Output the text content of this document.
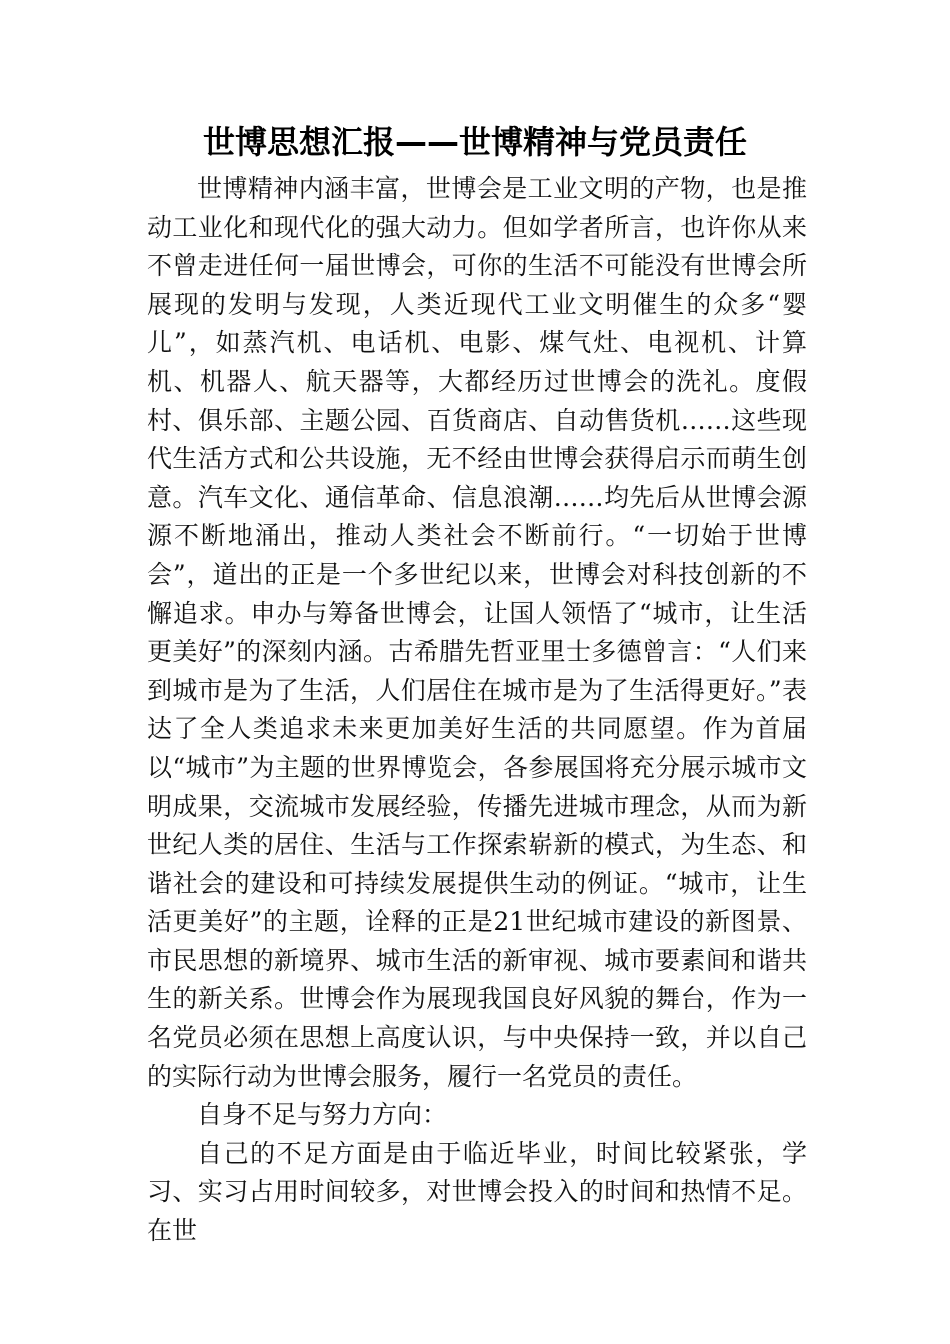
世博思想汇报——世博精神与党员责任

世博精神内涵丰富，世博会是工业文明的产物，也是推动工业化和现代化的强大动力。但如学者所言，也许你从来不曾走进任何一届世博会，可你的生活不可能没有世博会所展现的发明与发现，人类近现代工业文明催生的众多“婴儿”，如蒸汽机、电话机、电影、煤气灶、电视机、计算机、机器人、航天器等，大都经历过世博会的洗礼。度假村、俱乐部、主题公园、百货商店、自动售货机……这些现代生活方式和公共设施，无不经由世博会获得启示而萌生创意。汽车文化、通信革命、信息浪潮……均先后从世博会源源不断地涌出，推动人类社会不断前行。“一切始于世博会”，道出的正是一个多世纪以来，世博会对科技创新的不懈追求。申办与筹备世博会，让国人领悟了“城市，让生活更美好”的深刻内涵。古希腊先哲亚里士多德曾言：“人们来到城市是为了生活，人们居住在城市是为了生活得更好。”表达了全人类追求未来更加美好生活的共同愿望。作为首届以“城市”为主题的世界博览会，各参展国将充分展示城市文明成果，交流城市发展经验，传播先进城市理念，从而为新世纪人类的居住、生活与工作探索崭新的模式，为生态、和谐社会的建设和可持续发展提供生动的例证。“城市，让生活更美好”的主题，诠释的正是21世纪城市建设的新图景、市民思想的新境界、城市生活的新审视、城市要素间和谐共生的新关系。世博会作为展现我国良好风貌的舞台，作为一名党员必须在思想上高度认识，与中央保持一致，并以自己的实际行动为世博会服务，履行一名党员的责任。

自身不足与努力方向：

自己的不足方面是由于临近毕业，时间比较紧张，学习、实习占用时间较多，对世博会投入的时间和热情不足。在世
